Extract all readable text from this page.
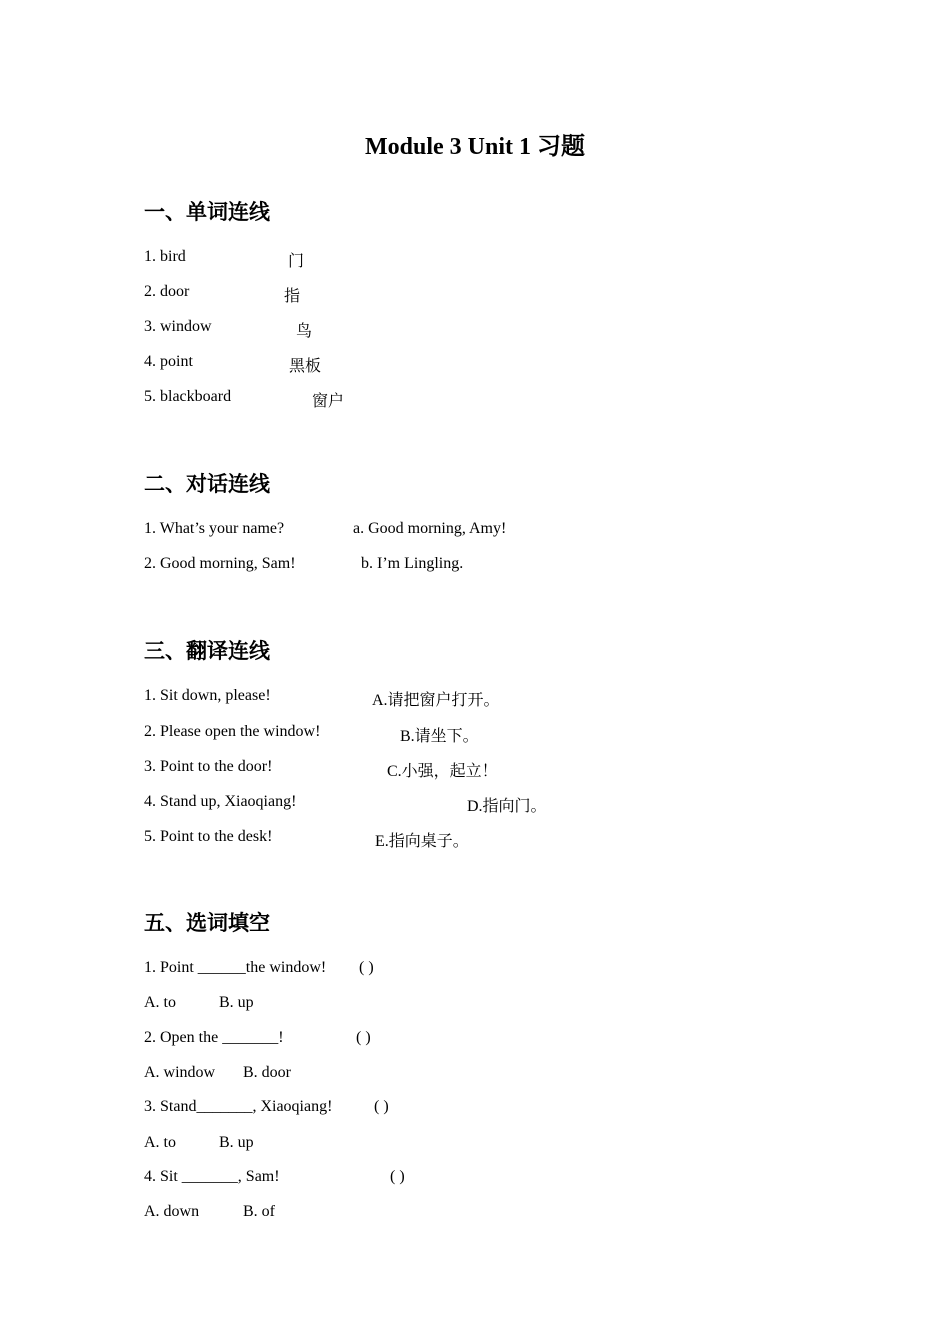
Module 3 Unit 1 习题
一、单词连线
1. bird	门
2. door	指
3. window	鸟
4. point	黑板
5. blackboard	窗户
二、对话连线
1. What’s your name?	a. Good morning, Amy!
2. Good morning, Sam!	b. I’m Lingling.
三、翻译连线
1. Sit down, please!	A.请把窗户打开。
2. Please open the window!	B.请坐下。
3. Point to the door!	C.小强，起立！
4. Stand up, Xiaoqiang!	D.指向门。
5. Point to the desk!	E.指向桌子。
五、选词填空
1. Point ______the window! ( )
A. to	B. up
2. Open the _______!	( )
A. window B. door
3. Stand_______, Xiaoqiang!	( )
A. to	B. up
4. Sit _______, Sam!	( )
A. down	B. of
